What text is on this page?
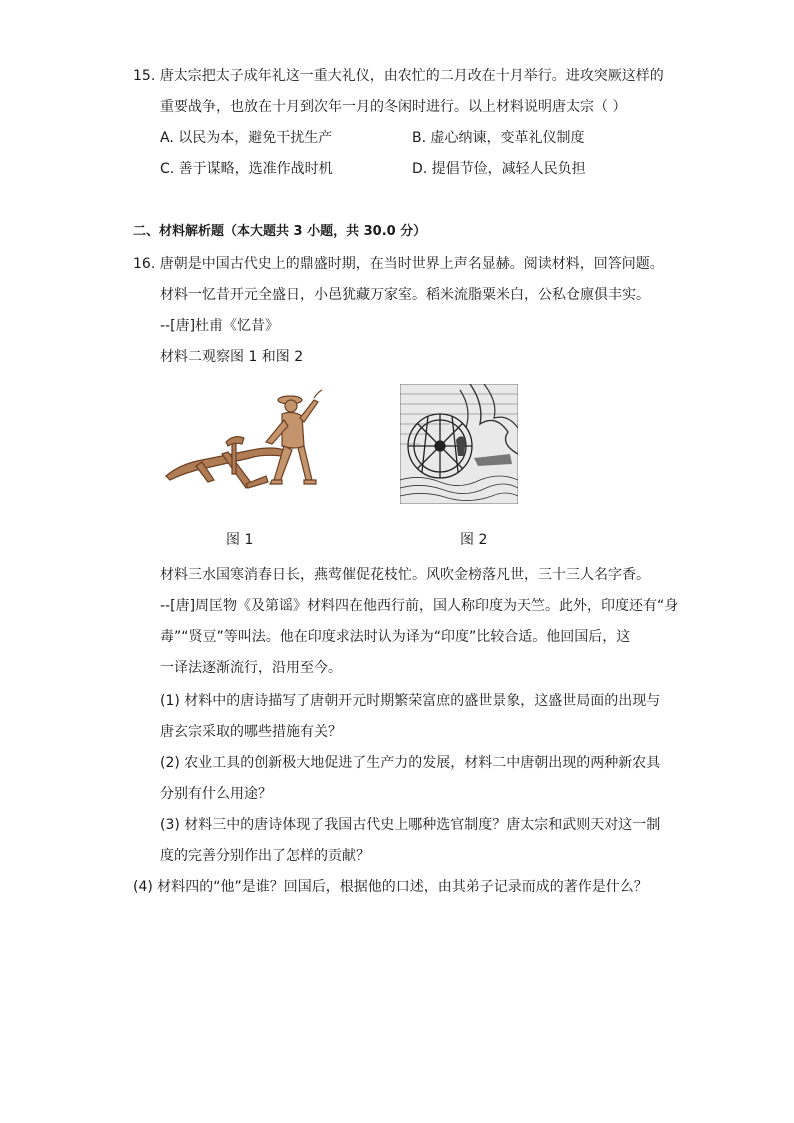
15. 唐太宗把太子成年礼这一重大礼仪，由农忙的二月改在十月举行。进攻突厥这样的
重要战争，也放在十月到次年一月的冬闲时进行。以上材料说明唐太宗（ ）
A. 以民为本，避免干扰生产	B. 虚心纳谏，变革礼仪制度
C. 善于谋略，选准作战时机	D. 提倡节俭，减轻人民负担
二、材料解析题（本大题共 3 小题，共 30.0 分）
16. 唐朝是中国古代史上的鼎盛时期，在当时世界上声名显赫。阅读材料，回答问题。
材料一忆昔开元全盛日，小邑犹藏万家室。稻米流脂粟米白，公私仓廪俱丰实。
--[唐]杜甫《忆昔》
材料二观察图 1 和图 2
图 1	图 2
材料三水国寒消春日长，燕莺催促花枝忙。风吹金榜落凡世，三十三人名字香。
--[唐]周匡物《及第谣》材料四在他西行前，国人称印度为天竺。此外，印度还有“身
毒”“贤豆”等叫法。他在印度求法时认为译为“印度”比较合适。他回国后，这
一译法逐渐流行，沿用至今。
(1) 材料中的唐诗描写了唐朝开元时期繁荣富庶的盛世景象，这盛世局面的出现与
唐玄宗采取的哪些措施有关？
(2) 农业工具的创新极大地促进了生产力的发展，材料二中唐朝出现的两种新农具
分别有什么用途？
(3) 材料三中的唐诗体现了我国古代史上哪种选官制度？唐太宗和武则天对这一制
度的完善分别作出了怎样的贡献？
(4) 材料四的“他”是谁？回国后，根据他的口述，由其弟子记录而成的著作是什么？
